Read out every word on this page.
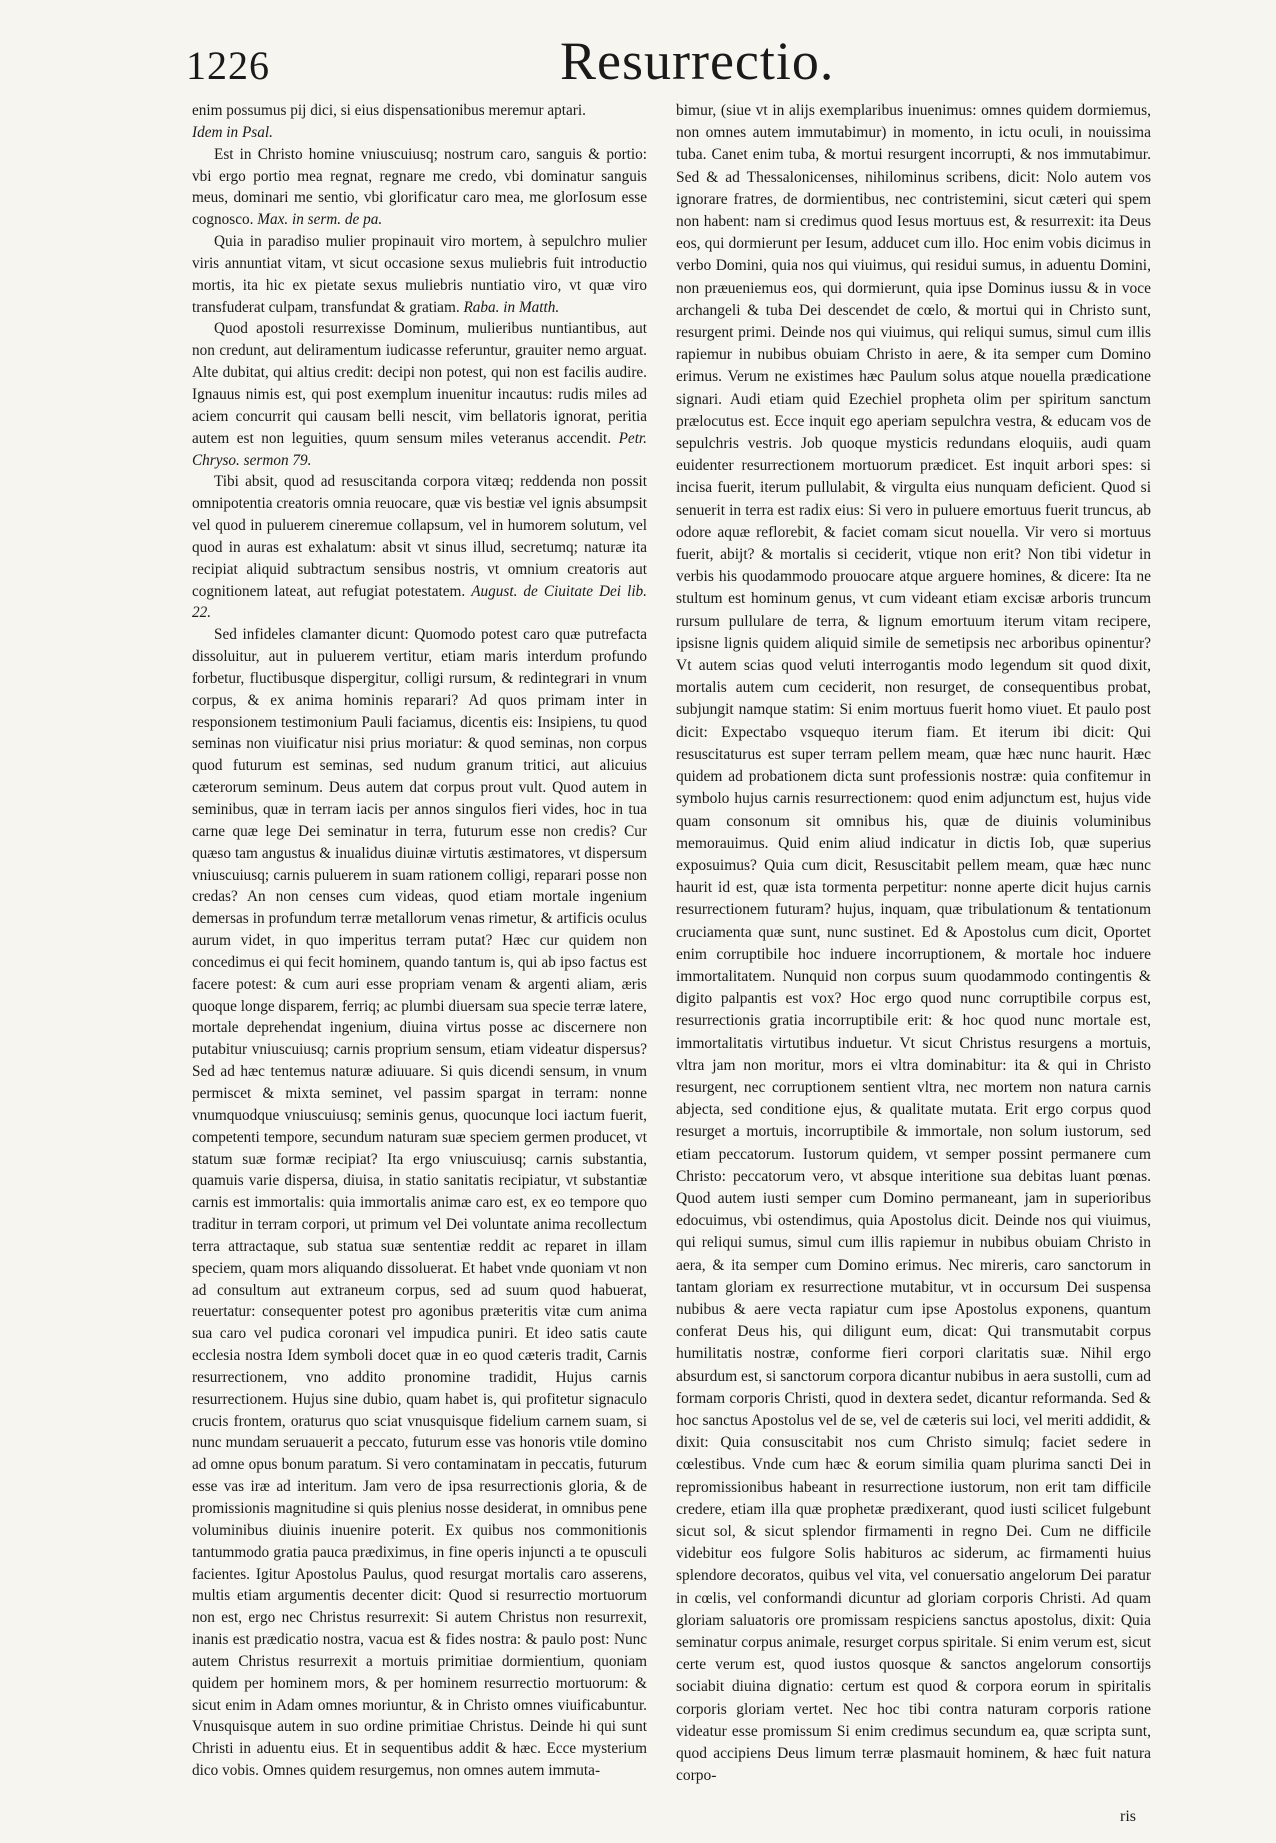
1226	Resurrectio.

enim possumus pij dici, si eius dispensationibus meremur aptari.

Idem in Psal.

Est in Christo homine vniuscuiusq; nostrum caro, sanguis & portio: vbi ergo portio mea regnat, regnare me credo, vbi dominatur sanguis meus, dominari me sentio, vbi glorificatur caro mea, me glorIosum esse cognosco. Max. in serm. de pa.

Quia in paradiso mulier propinauit viro mortem, à sepulchro mulier viris annuntiat vitam, vt sicut occasione sexus muliebris fuit introductio mortis, ita hic ex pietate sexus muliebris nuntiatio viro, vt quæ viro transfuderat culpam, transfundat & gratiam. Raba. in Matth.

Quod apostoli resurrexisse Dominum, mulieribus nuntiantibus, aut non credunt, aut deliramentum iudicasse referuntur, grauiter nemo arguat. Alte dubitat, qui altius credit: decipi non potest, qui non est facilis audire. Ignauus nimis est, qui post exemplum inuenitur incautus: rudis miles ad aciem concurrit qui causam belli nescit, vim bellatoris ignorat, peritia autem est non leguities, quum sensum miles veteranus accendit. Petr. Chryso. sermon 79.

Tibi absit, quod ad resuscitanda corpora vitæq; reddenda non possit omnipotentia creatoris omnia reuocare, quæ vis bestiæ vel ignis absumpsit vel quod in puluerem cineremue collapsum, vel in humorem solutum, vel quod in auras est exhalatum: absit vt sinus illud, secretumq; naturæ ita recipiat aliquid subtractum sensibus nostris, vt omnium creatoris aut cognitionem lateat, aut refugiat potestatem. August. de Ciuitate Dei lib. 22.

Sed infideles clamanter dicunt: Quomodo potest caro quæ putrefacta dissoluitur, aut in puluerem vertitur, etiam maris interdum profundo forbetur, fluctibusque dispergitur, colligi rursum, & redintegrari in vnum corpus, & ex anima hominis reparari? Ad quos primam inter in responsionem testimonium Pauli faciamus, dicentis eis: Insipiens, tu quod seminas non viuificatur nisi prius moriatur: & quod seminas, non corpus quod futurum est seminas, sed nudum granum tritici, aut alicuius cæterorum seminum. Deus autem dat corpus prout vult. Quod autem in seminibus, quæ in terram iacis per annos singulos fieri vides, hoc in tua carne quæ lege Dei seminatur in terra, futurum esse non credis? Cur quæso tam angustus & inualidus diuinæ virtutis æstimatores, vt dispersum vniuscuiusq; carnis puluerem in suam rationem colligi, reparari posse non credas? An non censes cum videas, quod etiam mortale ingenium demersas in profundum terræ metallorum venas rimetur, & artificis oculus aurum videt, in quo imperitus terram putat? Hæc cur quidem non concedimus ei qui fecit hominem, quando tantum is, qui ab ipso factus est facere potest: & cum auri esse propriam venam & argenti aliam, æris quoque longe disparem, ferriq; ac plumbi diuersam sua specie terræ latere, mortale deprehendat ingenium, diuina virtus posse ac discernere non putabitur vniuscuiusq; carnis proprium sensum, etiam videatur dispersus? Sed ad hæc tentemus naturæ adiuuare. Si quis dicendi sensum, in vnum permiscet & mixta seminet, vel passim spargat in terram: nonne vnumquodque vniuscuiusq; seminis genus, quocunque loci iactum fuerit, competenti tempore, secundum naturam suæ speciem germen producet, vt statum suæ formæ recipiat? Ita ergo vniuscuiusq; carnis substantia, quamuis varie dispersa, diuisa, in statio sanitatis recipiatur, vt substantiæ carnis est immortalis: quia immortalis animæ caro est, ex eo tempore quo traditur in terram corpori, ut primum vel Dei voluntate anima recollectum terra attractaque, sub statua suæ sententiæ reddit ac reparet in illam speciem, quam mors aliquando dissoluerat. Et habet vnde quoniam vt non ad consultum aut extraneum corpus, sed ad suum quod habuerat, reuertatur: consequenter potest pro agonibus præteritis vitæ cum anima sua caro vel pudica coronari vel impudica puniri. Et ideo satis caute ecclesia nostra Idem symboli docet quæ in eo quod cæteris tradit, Carnis resurrectionem, vno addito pronomine tradidit, Hujus carnis resurrectionem. Hujus sine dubio, quam habet is, qui profitetur signaculo crucis frontem, oraturus quo sciat vnusquisque fidelium carnem suam, si nunc mundam seruauerit a peccato, futurum esse vas honoris vtile domino ad omne opus bonum paratum. Si vero contaminatam in peccatis, futurum esse vas iræ ad interitum. Jam vero de ipsa resurrectionis gloria, & de promissionis magnitudine si quis plenius nosse desiderat, in omnibus pene voluminibus diuinis inuenire poterit. Ex quibus nos commonitionis tantummodo gratia pauca prædiximus, in fine operis injuncti a te opusculi facientes. Igitur Apostolus Paulus, quod resurgat mortalis caro asserens, multis etiam argumentis decenter dicit: Quod si resurrectio mortuorum non est, ergo nec Christus resurrexit: Si autem Christus non resurrexit, inanis est prædicatio nostra, vacua est & fides nostra: & paulo post: Nunc autem Christus resurrexit a mortuis primitiae dormientium, quoniam quidem per hominem mors, & per hominem resurrectio mortuorum: & sicut enim in Adam omnes moriuntur, & in Christo omnes viuificabuntur. Vnusquisque autem in suo ordine primitiae Christus. Deinde hi qui sunt Christi in aduentu eius. Et in sequentibus addit & hæc. Ecce mysterium dico vobis. Omnes quidem resurgemus, non omnes autem immuta-

bimur, (siue vt in alijs exemplaribus inuenimus: omnes quidem dormiemus, non omnes autem immutabimur) in momento, in ictu oculi, in nouissima tuba. Canet enim tuba, & mortui resurgent incorrupti, & nos immutabimur. Sed & ad Thessalonicenses, nihilominus scribens, dicit: Nolo autem vos ignorare fratres, de dormientibus, nec contristemini, sicut cæteri qui spem non habent: nam si credimus quod Iesus mortuus est, & resurrexit: ita Deus eos, qui dormierunt per Iesum, adducet cum illo. Hoc enim vobis dicimus in verbo Domini, quia nos qui viuimus, qui residui sumus, in aduentu Domini, non præueniemus eos, qui dormierunt, quia ipse Dominus iussu & in voce archangeli & tuba Dei descendet de cœlo, & mortui qui in Christo sunt, resurgent primi. Deinde nos qui viuimus, qui reliqui sumus, simul cum illis rapiemur in nubibus obuiam Christo in aere, & ita semper cum Domino erimus. Verum ne existimes hæc Paulum solus atque nouella prædicatione signari. Audi etiam quid Ezechiel propheta olim per spiritum sanctum prælocutus est. Ecce inquit ego aperiam sepulchra vestra, & educam vos de sepulchris vestris. Job quoque mysticis redundans eloquiis, audi quam euidenter resurrectionem mortuorum prædicet. Est inquit arbori spes: si incisa fuerit, iterum pullulabit, & virgulta eius nunquam deficient. Quod si senuerit in terra est radix eius: Si vero in puluere emortuus fuerit truncus, ab odore aquæ reflorebit, & faciet comam sicut nouella. Vir vero si mortuus fuerit, abijt? & mortalis si ceciderit, vtique non erit? Non tibi videtur in verbis his quodammodo prouocare atque arguere homines, & dicere: Ita ne stultum est hominum genus, vt cum videant etiam excisæ arboris truncum rursum pullulare de terra, & lignum emortuum iterum vitam recipere, ipsisne lignis quidem aliquid simile de semetipsis nec arboribus opinentur? Vt autem scias quod veluti interrogantis modo legendum sit quod dixit, mortalis autem cum ceciderit, non resurget, de consequentibus probat, subjungit namque statim: Si enim mortuus fuerit homo viuet. Et paulo post dicit: Expectabo vsquequo iterum fiam. Et iterum ibi dicit: Qui resuscitaturus est super terram pellem meam, quæ hæc nunc haurit. Hæc quidem ad probationem dicta sunt professionis nostræ: quia confitemur in symbolo hujus carnis resurrectionem: quod enim adjunctum est, hujus vide quam consonum sit omnibus his, quæ de diuinis voluminibus memorauimus. Quid enim aliud indicatur in dictis Iob, quæ superius exposuimus? Quia cum dicit, Resuscitabit pellem meam, quæ hæc nunc haurit id est, quæ ista tormenta perpetitur: nonne aperte dicit hujus carnis resurrectionem futuram? hujus, inquam, quæ tribulationum & tentationum cruciamenta quæ sunt, nunc sustinet. Ed & Apostolus cum dicit, Oportet enim corruptibile hoc induere incorruptionem, & mortale hoc induere immortalitatem. Nunquid non corpus suum quodammodo contingentis & digito palpantis est vox? Hoc ergo quod nunc corruptibile corpus est, resurrectionis gratia incorruptibile erit: & hoc quod nunc mortale est, immortalitatis virtutibus induetur. Vt sicut Christus resurgens a mortuis, vltra jam non moritur, mors ei vltra dominabitur: ita & qui in Christo resurgent, nec corruptionem sentient vltra, nec mortem non natura carnis abjecta, sed conditione ejus, & qualitate mutata. Erit ergo corpus quod resurget a mortuis, incorruptibile & immortale, non solum iustorum, sed etiam peccatorum. Iustorum quidem, vt semper possint permanere cum Christo: peccatorum vero, vt absque interitione sua debitas luant pœnas. Quod autem iusti semper cum Domino permaneant, jam in superioribus edocuimus, vbi ostendimus, quia Apostolus dicit. Deinde nos qui viuimus, qui reliqui sumus, simul cum illis rapiemur in nubibus obuiam Christo in aera, & ita semper cum Domino erimus. Nec mireris, caro sanctorum in tantam gloriam ex resurrectione mutabitur, vt in occursum Dei suspensa nubibus & aere vecta rapiatur cum ipse Apostolus exponens, quantum conferat Deus his, qui diligunt eum, dicat: Qui transmutabit corpus humilitatis nostræ, conforme fieri corpori claritatis suæ. Nihil ergo absurdum est, si sanctorum corpora dicantur nubibus in aera sustolli, cum ad formam corporis Christi, quod in dextera sedet, dicantur reformanda. Sed & hoc sanctus Apostolus vel de se, vel de cæteris sui loci, vel meriti addidit, & dixit: Quia consuscitabit nos cum Christo simulq; faciet sedere in cœlestibus. Vnde cum hæc & eorum similia quam plurima sancti Dei in repromissionibus habeant in resurrectione iustorum, non erit tam difficile credere, etiam illa quæ prophetæ prædixerant, quod iusti scilicet fulgebunt sicut sol, & sicut splendor firmamenti in regno Dei. Cum ne difficile videbitur eos fulgore Solis habituros ac siderum, ac firmamenti huius splendore decoratos, quibus vel vita, vel conuersatio angelorum Dei paratur in cœlis, vel conformandi dicuntur ad gloriam corporis Christi. Ad quam gloriam saluatoris ore promissam respiciens sanctus apostolus, dixit: Quia seminatur corpus animale, resurget corpus spiritale. Si enim verum est, sicut certe verum est, quod iustos quosque & sanctos angelorum consortijs sociabit diuina dignatio: certum est quod & corpora eorum in spiritalis corporis gloriam vertet. Nec hoc tibi contra naturam corporis ratione videatur esse promissum Si enim credimus secundum ea, quæ scripta sunt, quod accipiens Deus limum terræ plasmauit hominem, & hæc fuit natura corpo-

ris
